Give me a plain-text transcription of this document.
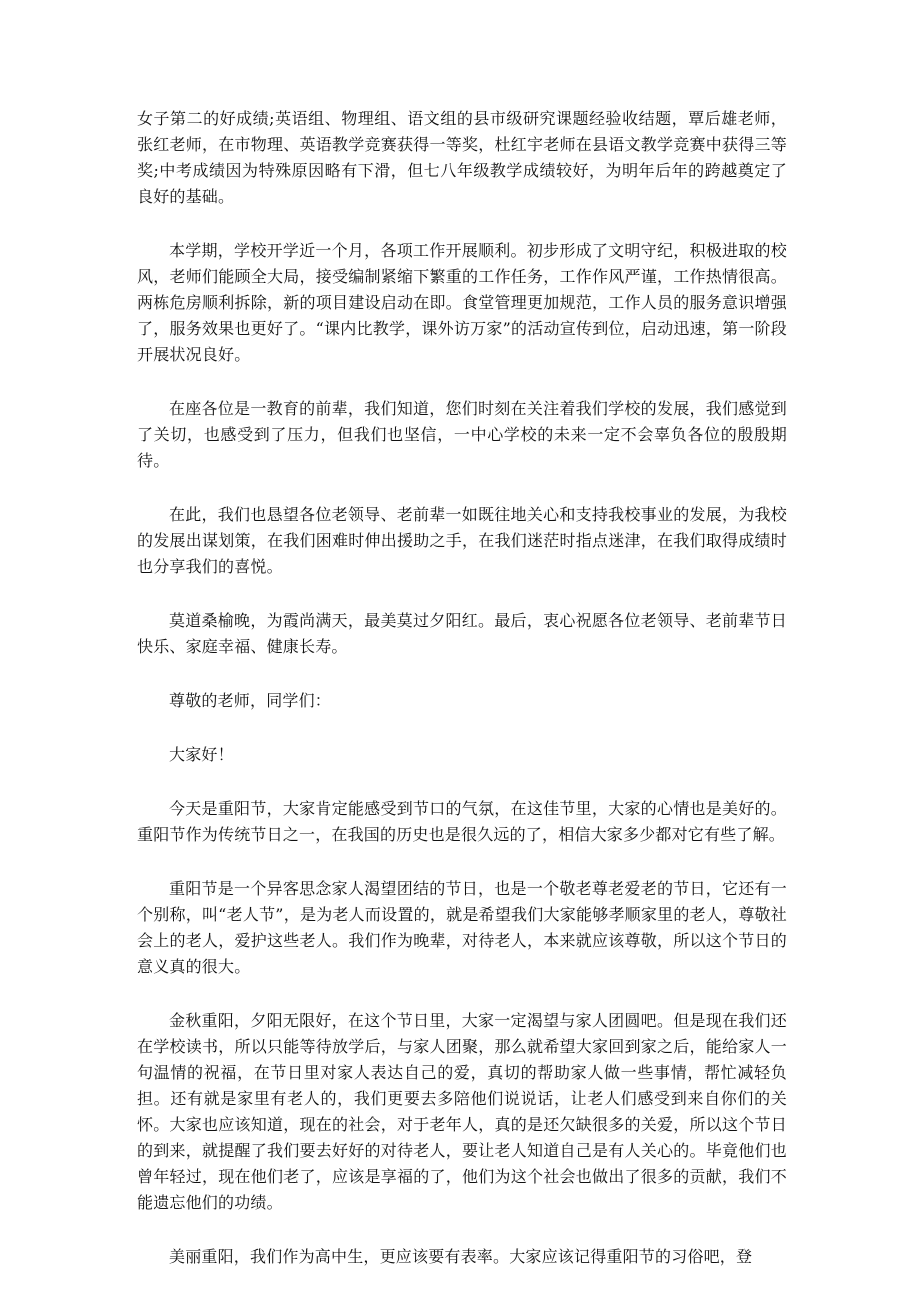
女子第二的好成绩;英语组、物理组、语文组的县市级研究课题经验收结题，覃后雄老师，张红老师，在市物理、英语教学竞赛获得一等奖，杜红宇老师在县语文教学竞赛中获得三等奖;中考成绩因为特殊原因略有下滑，但七八年级教学成绩较好，为明年后年的跨越奠定了良好的基础。

本学期，学校开学近一个月，各项工作开展顺利。初步形成了文明守纪，积极进取的校风，老师们能顾全大局，接受编制紧缩下繁重的工作任务，工作作风严谨，工作热情很高。两栋危房顺利拆除，新的项目建设启动在即。食堂管理更加规范，工作人员的服务意识增强了，服务效果也更好了。“课内比教学，课外访万家”的活动宣传到位，启动迅速，第一阶段开展状况良好。

在座各位是一教育的前辈，我们知道，您们时刻在关注着我们学校的发展，我们感觉到了关切，也感受到了压力，但我们也坚信，一中心学校的未来一定不会辜负各位的殷殷期待。

在此，我们也恳望各位老领导、老前辈一如既往地关心和支持我校事业的发展，为我校的发展出谋划策，在我们困难时伸出援助之手，在我们迷茫时指点迷津，在我们取得成绩时也分享我们的喜悦。

莫道桑榆晚，为霞尚满天，最美莫过夕阳红。最后，衷心祝愿各位老领导、老前辈节日快乐、家庭幸福、健康长寿。

尊敬的老师，同学们：

大家好！

今天是重阳节，大家肯定能感受到节口的气氛，在这佳节里，大家的心情也是美好的。重阳节作为传统节日之一，在我国的历史也是很久远的了，相信大家多少都对它有些了解。

重阳节是一个异客思念家人渴望团结的节日，也是一个敬老尊老爱老的节日，它还有一个别称，叫“老人节”，是为老人而设置的，就是希望我们大家能够孝顺家里的老人，尊敬社会上的老人，爱护这些老人。我们作为晚辈，对待老人，本来就应该尊敬，所以这个节日的意义真的很大。

金秋重阳，夕阳无限好，在这个节日里，大家一定渴望与家人团圆吧。但是现在我们还在学校读书，所以只能等待放学后，与家人团聚，那么就希望大家回到家之后，能给家人一句温情的祝福，在节日里对家人表达自己的爱，真切的帮助家人做一些事情，帮忙减轻负担。还有就是家里有老人的，我们更要去多陪他们说说话，让老人们感受到来自你们的关怀。大家也应该知道，现在的社会，对于老年人，真的是还欠缺很多的关爱，所以这个节日的到来，就提醒了我们要去好好的对待老人，要让老人知道自己是有人关心的。毕竟他们也曾年轻过，现在他们老了，应该是享福的了，他们为这个社会也做出了很多的贡献，我们不能遗忘他们的功绩。

美丽重阳，我们作为高中生，更应该要有表率。大家应该记得重阳节的习俗吧，登
